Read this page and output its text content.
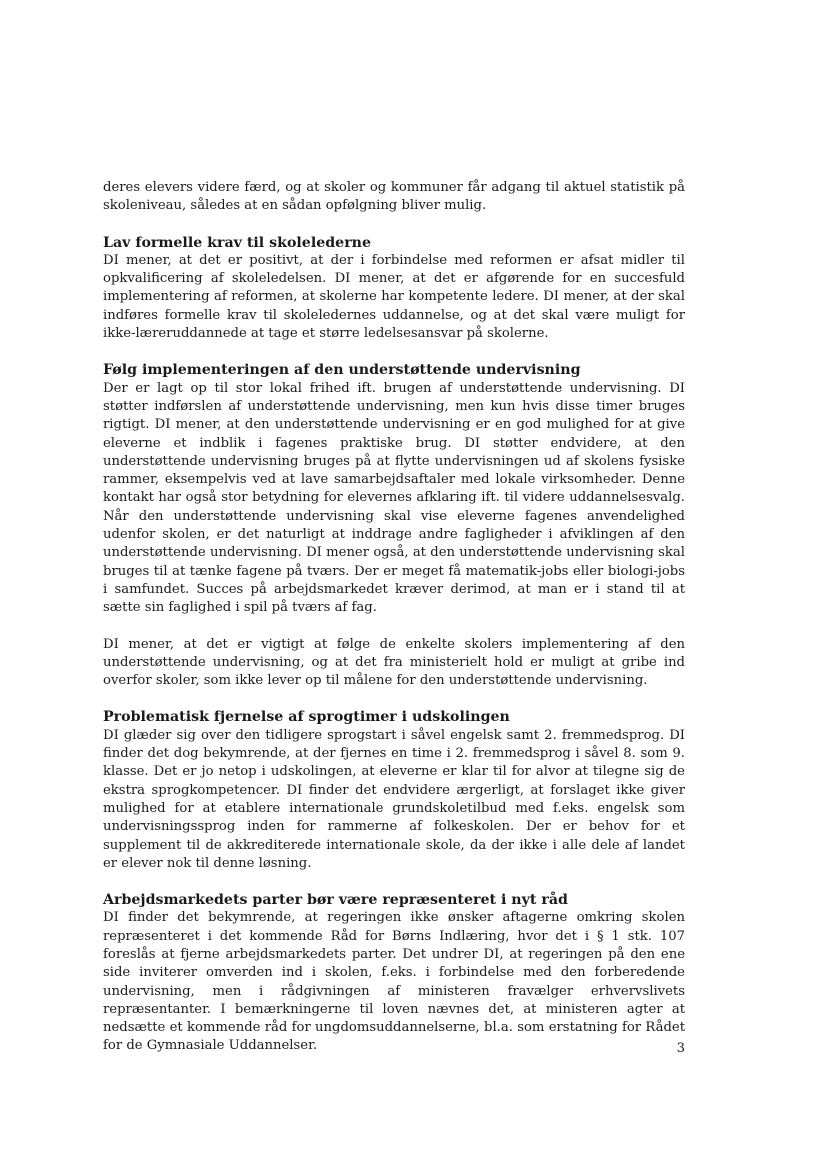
deres elevers videre færd, og at skoler og kommuner får adgang til aktuel statistik på skoleniveau, således at en sådan opfølgning bliver mulig.

Lav formelle krav til skolelederne

DI mener, at det er positivt, at der i forbindelse med reformen er afsat midler til opkvalificering af skoleledelsen. DI mener, at det er afgørende for en succesfuld implementering af reformen, at skolerne har kompetente ledere. DI mener, at der skal indføres formelle krav til skoleledernes uddannelse, og at det skal være muligt for ikke-læreruddannede at tage et større ledelsesansvar på skolerne.

Følg implementeringen af den understøttende undervisning

Der er lagt op til stor lokal frihed ift. brugen af understøttende undervisning. DI støtter indførslen af understøttende undervisning, men kun hvis disse timer bruges rigtigt. DI mener, at den understøttende undervisning er en god mulighed for at give eleverne et indblik i fagenes praktiske brug. DI støtter endvidere, at den understøttende undervisning bruges på at flytte undervisningen ud af skolens fysiske rammer, eksempelvis ved at lave samarbejdsaftaler med lokale virksomheder. Denne kontakt har også stor betydning for elevernes afklaring ift. til videre uddannelsesvalg. Når den understøttende undervisning skal vise eleverne fagenes anvendelighed udenfor skolen, er det naturligt at inddrage andre fagligheder i afviklingen af den understøttende undervisning. DI mener også, at den understøttende undervisning skal bruges til at tænke fagene på tværs. Der er meget få matematik-jobs eller biologi-jobs i samfundet. Succes på arbejdsmarkedet kræver derimod, at man er i stand til at sætte sin faglighed i spil på tværs af fag.

DI mener, at det er vigtigt at følge de enkelte skolers implementering af den understøttende undervisning, og at det fra ministerielt hold er muligt at gribe ind overfor skoler, som ikke lever op til målene for den understøttende undervisning.

Problematisk fjernelse af sprogtimer i udskolingen

DI glæder sig over den tidligere sprogstart i såvel engelsk samt 2. fremmedsprog. DI finder det dog bekymrende, at der fjernes en time i 2. fremmedsprog i såvel 8. som 9. klasse. Det er jo netop i udskolingen, at eleverne er klar til for alvor at tilegne sig de ekstra sprogkompetencer. DI finder det endvidere ærgerligt, at forslaget ikke giver mulighed for at etablere internationale grundskoletilbud med f.eks. engelsk som undervisningssprog inden for rammerne af folkeskolen. Der er behov for et supplement til de akkrediterede internationale skole, da der ikke i alle dele af landet er elever nok til denne løsning.

Arbejdsmarkedets parter bør være repræsenteret i nyt råd

DI finder det bekymrende, at regeringen ikke ønsker aftagerne omkring skolen repræsenteret i det kommende Råd for Børns Indlæring, hvor det i § 1 stk. 107 foreslås at fjerne arbejdsmarkedets parter. Det undrer DI, at regeringen på den ene side inviterer omverden ind i skolen, f.eks. i forbindelse med den forberedende undervisning, men i rådgivningen af ministeren fravælger erhvervslivets repræsentanter. I bemærkningerne til loven nævnes det, at ministeren agter at nedsætte et kommende råd for ungdomsuddannelserne, bl.a. som erstatning for Rådet for de Gymnasiale Uddannelser.	3
